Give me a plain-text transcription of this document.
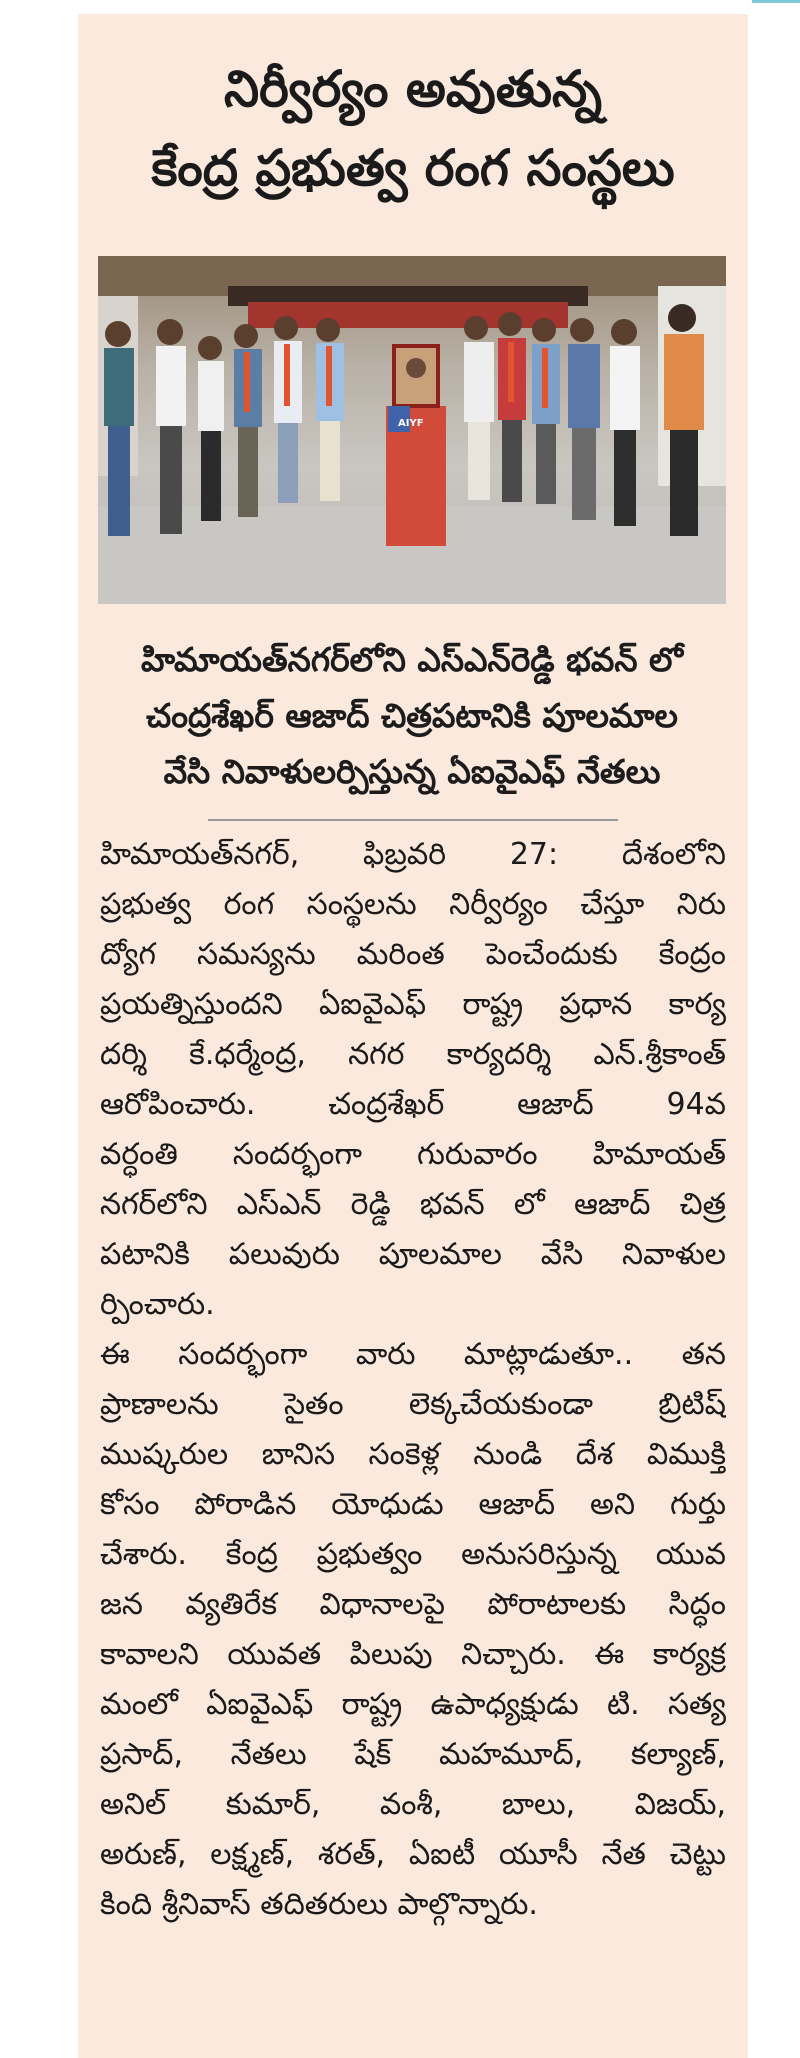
నిర్వీర్యం అవుతున్న
కేంద్ర ప్రభుత్వ రంగ సంస్థలు
AIYF

హిమాయత్‌నగర్‌లోని ఎస్ఎన్‌రెడ్డి భవన్ లో
చంద్రశేఖర్ ఆజాద్ చిత్రపటానికి పూలమాల
వేసి నివాళులర్పిస్తున్న ఏఐవైఎఫ్ నేతలు

హిమాయత్‌నగర్, ఫిబ్రవరి 27: దేశంలోని
ప్రభుత్వ రంగ సంస్థలను నిర్వీర్యం చేస్తూ నిరు
ద్యోగ సమస్యను మరింత పెంచేందుకు కేంద్రం
ప్రయత్నిస్తుందని ఏఐవైఎఫ్ రాష్ట్ర ప్రధాన కార్య
దర్శి కే.ధర్మేంద్ర, నగర కార్యదర్శి ఎన్.శ్రీకాంత్
ఆరోపించారు. చంద్రశేఖర్ ఆజాద్ 94వ
వర్ధంతి సందర్భంగా గురువారం హిమాయత్
నగర్‌లోని ఎస్ఎన్ రెడ్డి భవన్ లో ఆజాద్ చిత్ర
పటానికి పలువురు పూలమాల వేసి నివాళుల
ర్పించారు.
ఈ సందర్భంగా వారు మాట్లాడుతూ.. తన
ప్రాణాలను సైతం లెక్కచేయకుండా బ్రిటిష్
ముష్కరుల బానిస సంకెళ్ల నుండి దేశ విముక్తి
కోసం పోరాడిన యోధుడు ఆజాద్ అని గుర్తు
చేశారు. కేంద్ర ప్రభుత్వం అనుసరిస్తున్న యువ
జన వ్యతిరేక విధానాలపై పోరాటాలకు సిద్ధం
కావాలని యువత పిలుపు నిచ్చారు. ఈ కార్యక్ర
మంలో ఏఐవైఎఫ్ రాష్ట్ర ఉపాధ్యక్షుడు టి. సత్య
ప్రసాద్, నేతలు షేక్ మహమూద్, కల్యాణ్,
అనిల్ కుమార్, వంశీ, బాలు, విజయ్,
అరుణ్, లక్ష్మణ్, శరత్, ఏఐటీ యూసీ నేత చెట్టు
కింది శ్రీనివాస్ తదితరులు పాల్గొన్నారు.
